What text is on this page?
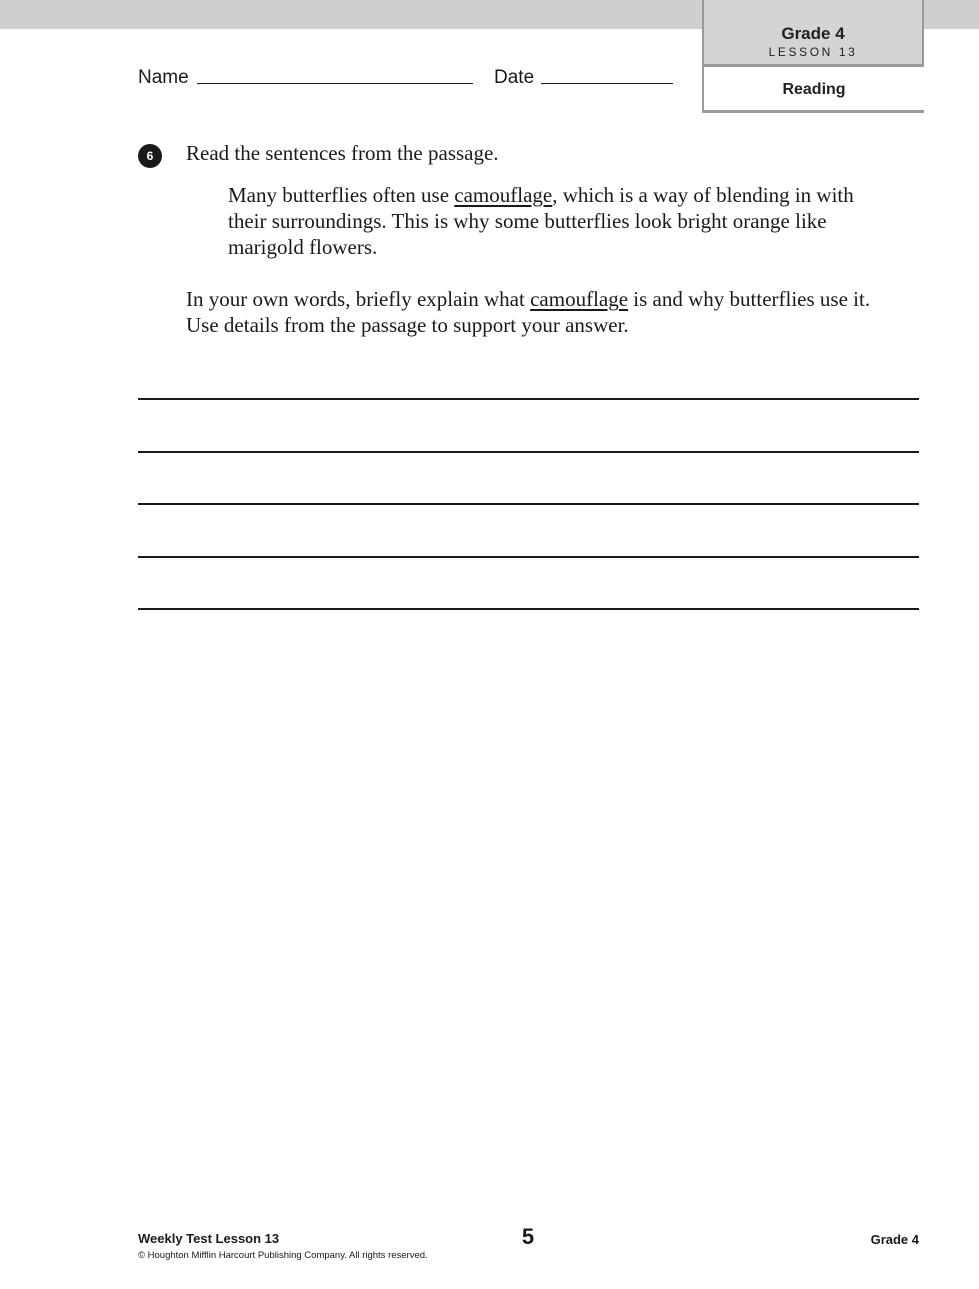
Grade 4
LESSON 13
Reading
Name	Date
6	Read the sentences from the passage.
Many butterflies often use camouflage, which is a way of blending in with their surroundings. This is why some butterflies look bright orange like marigold flowers.
In your own words, briefly explain what camouflage is and why butterflies use it. Use details from the passage to support your answer.
Weekly Test Lesson 13
© Houghton Mifflin Harcourt Publishing Company. All rights reserved.
5	Grade 4
